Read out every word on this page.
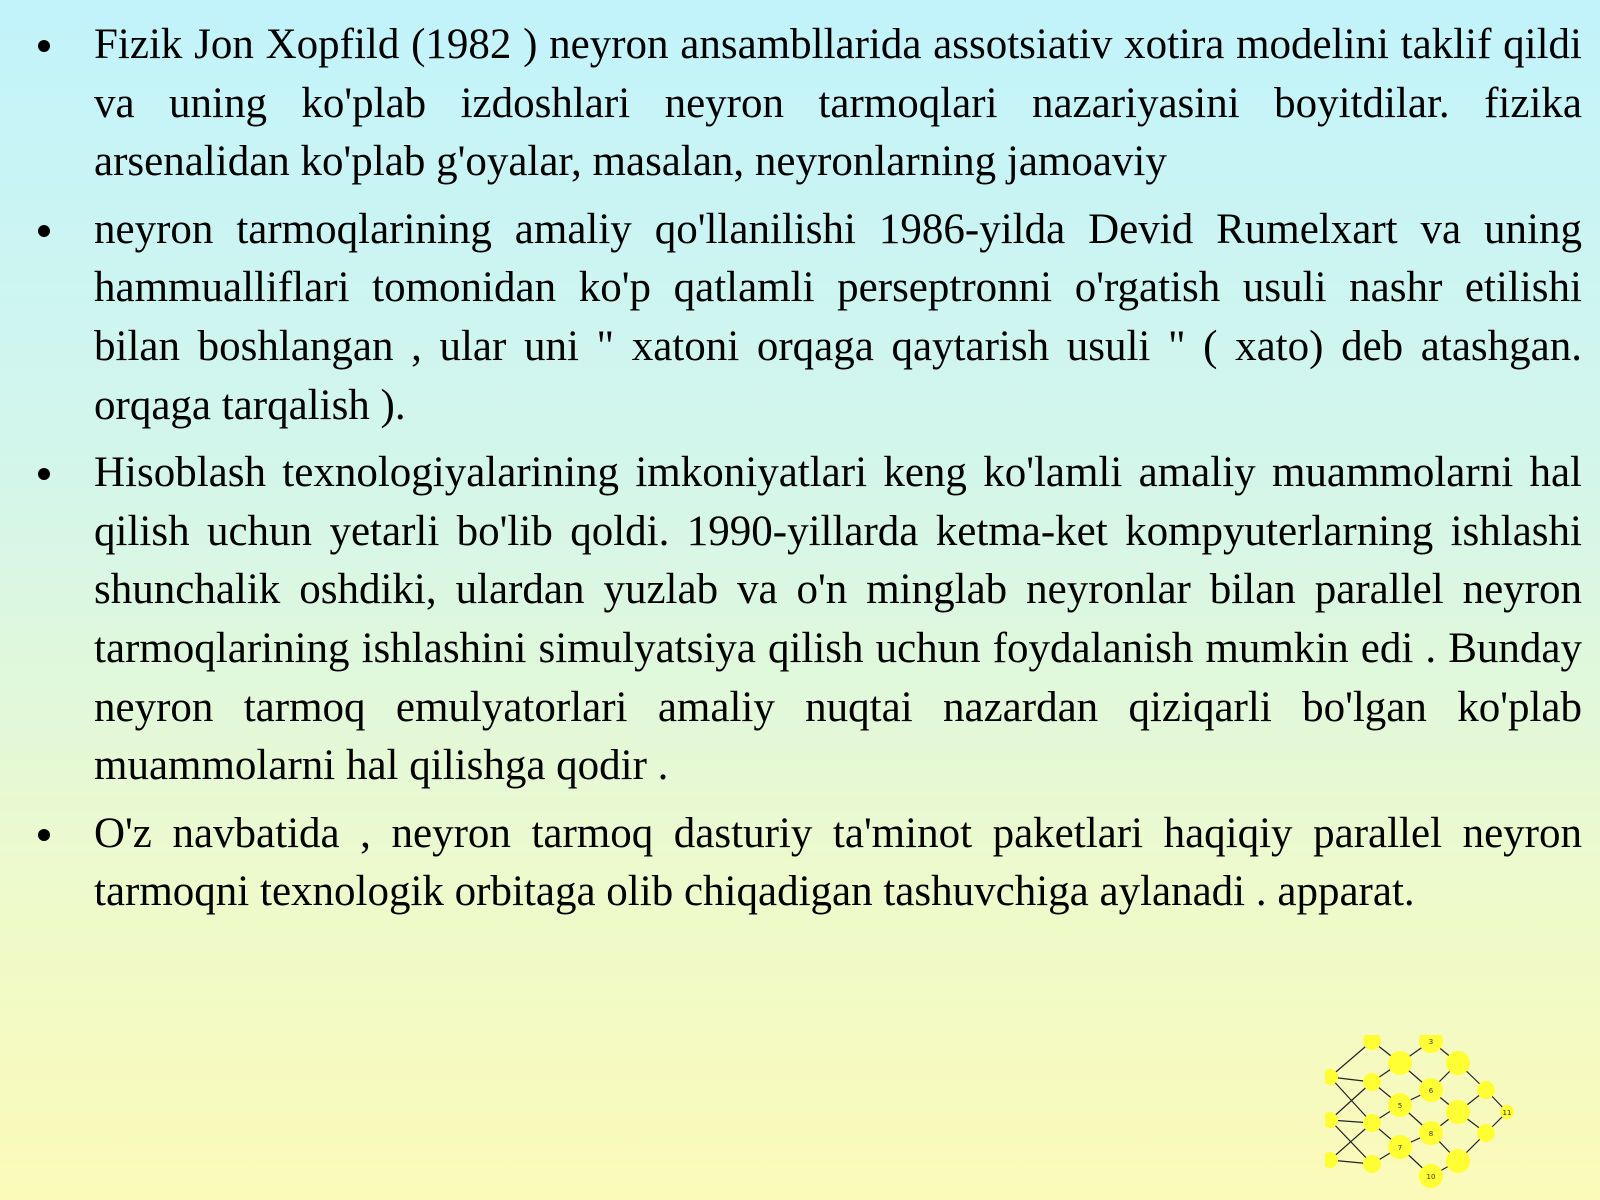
Fizik Jon Xopfild (1982 ) neyron ansambllarida assotsiativ xotira modelini taklif qildi va uning ko'plab izdoshlari neyron tarmoqlari nazariyasini boyitdilar. fizika arsenalidan ko'plab g'oyalar, masalan, neyronlarning jamoaviy
neyron tarmoqlarining amaliy qo'llanilishi 1986-yilda Devid Rumelxart va uning hammualliflari tomonidan ko'p qatlamli perseptronni o'rgatish usuli nashr etilishi bilan boshlangan , ular uni " xatoni orqaga qaytarish usuli " ( xato) deb atashgan. orqaga tarqalish ).
Hisoblash texnologiyalarining imkoniyatlari keng ko'lamli amaliy muammolarni hal qilish uchun yetarli bo'lib qoldi. 1990-yillarda ketma-ket kompyuterlarning ishlashi shunchalik oshdiki, ulardan yuzlab va o'n minglab neyronlar bilan parallel neyron tarmoqlarining ishlashini simulyatsiya qilish uchun foydalanish mumkin edi . Bunday neyron tarmoq emulyatorlari amaliy nuqtai nazardan qiziqarli bo'lgan ko'plab muammolarni hal qilishga qodir .
O'z navbatida , neyron tarmoq dasturiy ta'minot paketlari haqiqiy parallel neyron tarmoqni texnologik orbitaga olib chiqadigan tashuvchiga aylanadi . apparat.
3
5
6
7
8
10
11
